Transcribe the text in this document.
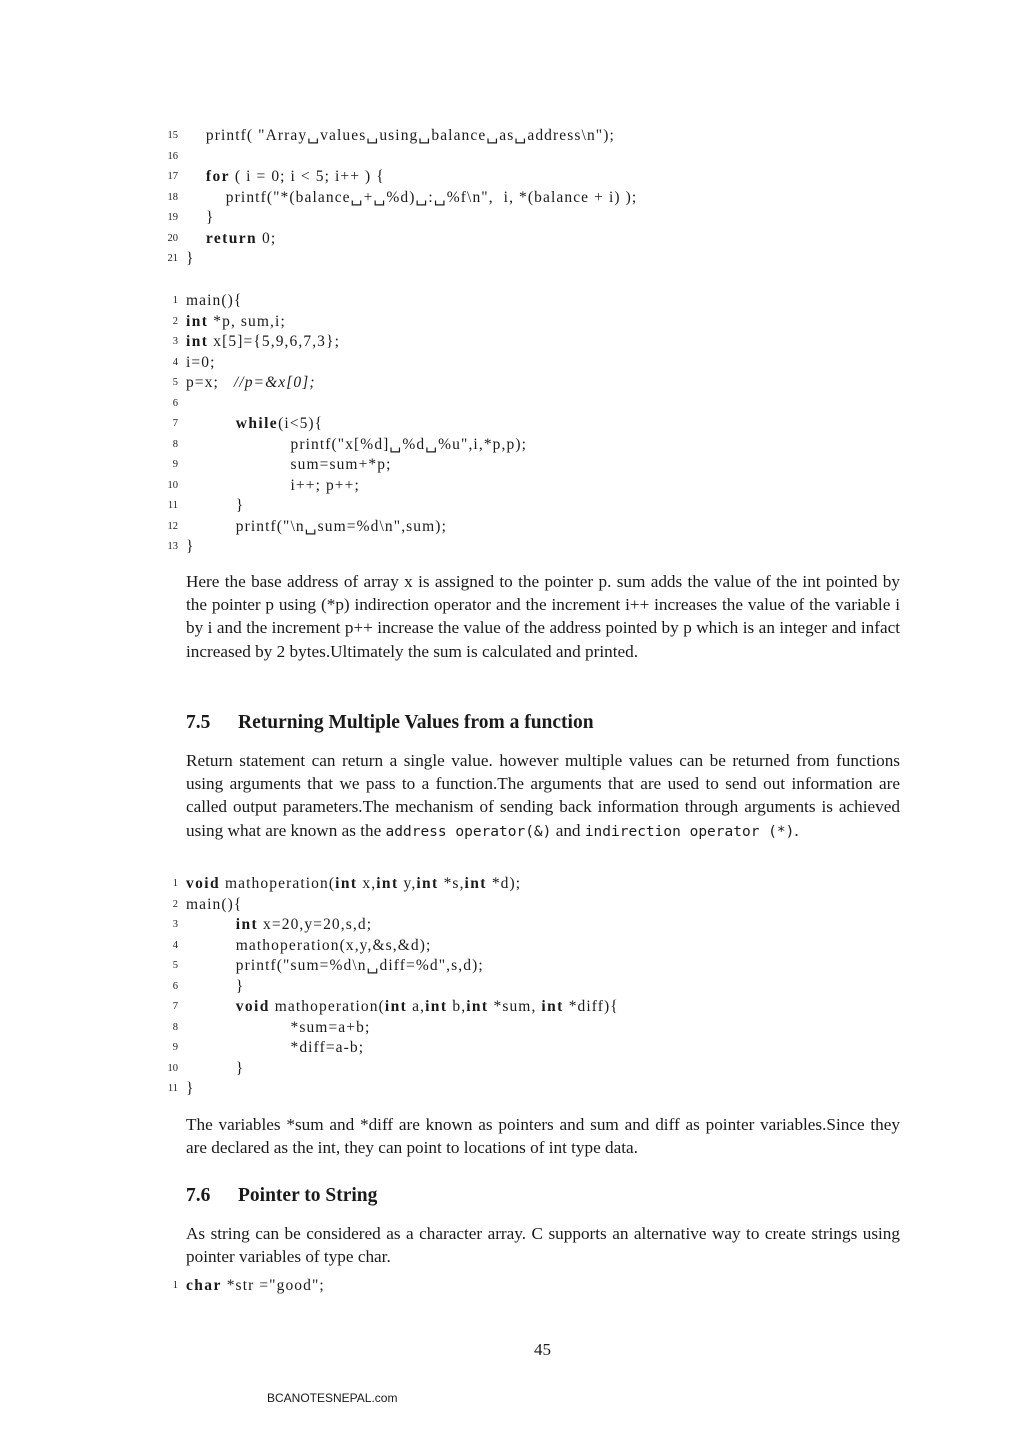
15 printf( "Array␣values␣using␣balance␣as␣address\n");
16
17	for ( i = 0; i < 5; i++ ) {
18 printf("*(balance␣+␣%d)␣:␣%f\n",  i, *(balance + i) );
19 }
20	return 0;
21 }
1 main(){
2 int *p, sum,i;
3 int x[5]={5,9,6,7,3};
4 i=0;
5 p=x;   //p=&x[0];
6
7	while(i<5){
8 printf("x[%d]␣%d␣%u",i,*p,p);
9 sum=sum+*p;
10 i++; p++;
11 }
12 printf("\n␣sum=%d\n",sum);
13 }

Here the base address of array x is assigned to the pointer p. sum adds the value of the int pointed by the pointer p using (*p) indirection operator and the increment i++ increases the value of the variable i by i and the increment p++ increase the value of the address pointed by p which is an integer and infact increased by 2 bytes.Ultimately the sum is calculated and printed.

7.5 Returning Multiple Values from a function

Return statement can return a single value. however multiple values can be returned from functions using arguments that we pass to a function.The arguments that are used to send out information are called output parameters.The mechanism of sending back information through arguments is achieved using what are known as the address operator(&) and indirection operator (*).

1 void mathoperation(int x,int y,int *s,int *d);
2 main(){
3	int x=20,y=20,s,d;
4 mathoperation(x,y,&s,&d);
5 printf("sum=%d\n␣diff=%d",s,d);
6 }
7	void mathoperation(int a,int b,int *sum, int *diff){
8 *sum=a+b;
9 *diff=a-b;
10 }
11 }

The variables *sum and *diff are known as pointers and sum and diff as pointer variables.Since they are declared as the int, they can point to locations of int type data.

7.6 Pointer to String

As string can be considered as a character array. C supports an alternative way to create strings using pointer variables of type char.

1 char *str ="good";
45
BCANOTESNEPAL.com
